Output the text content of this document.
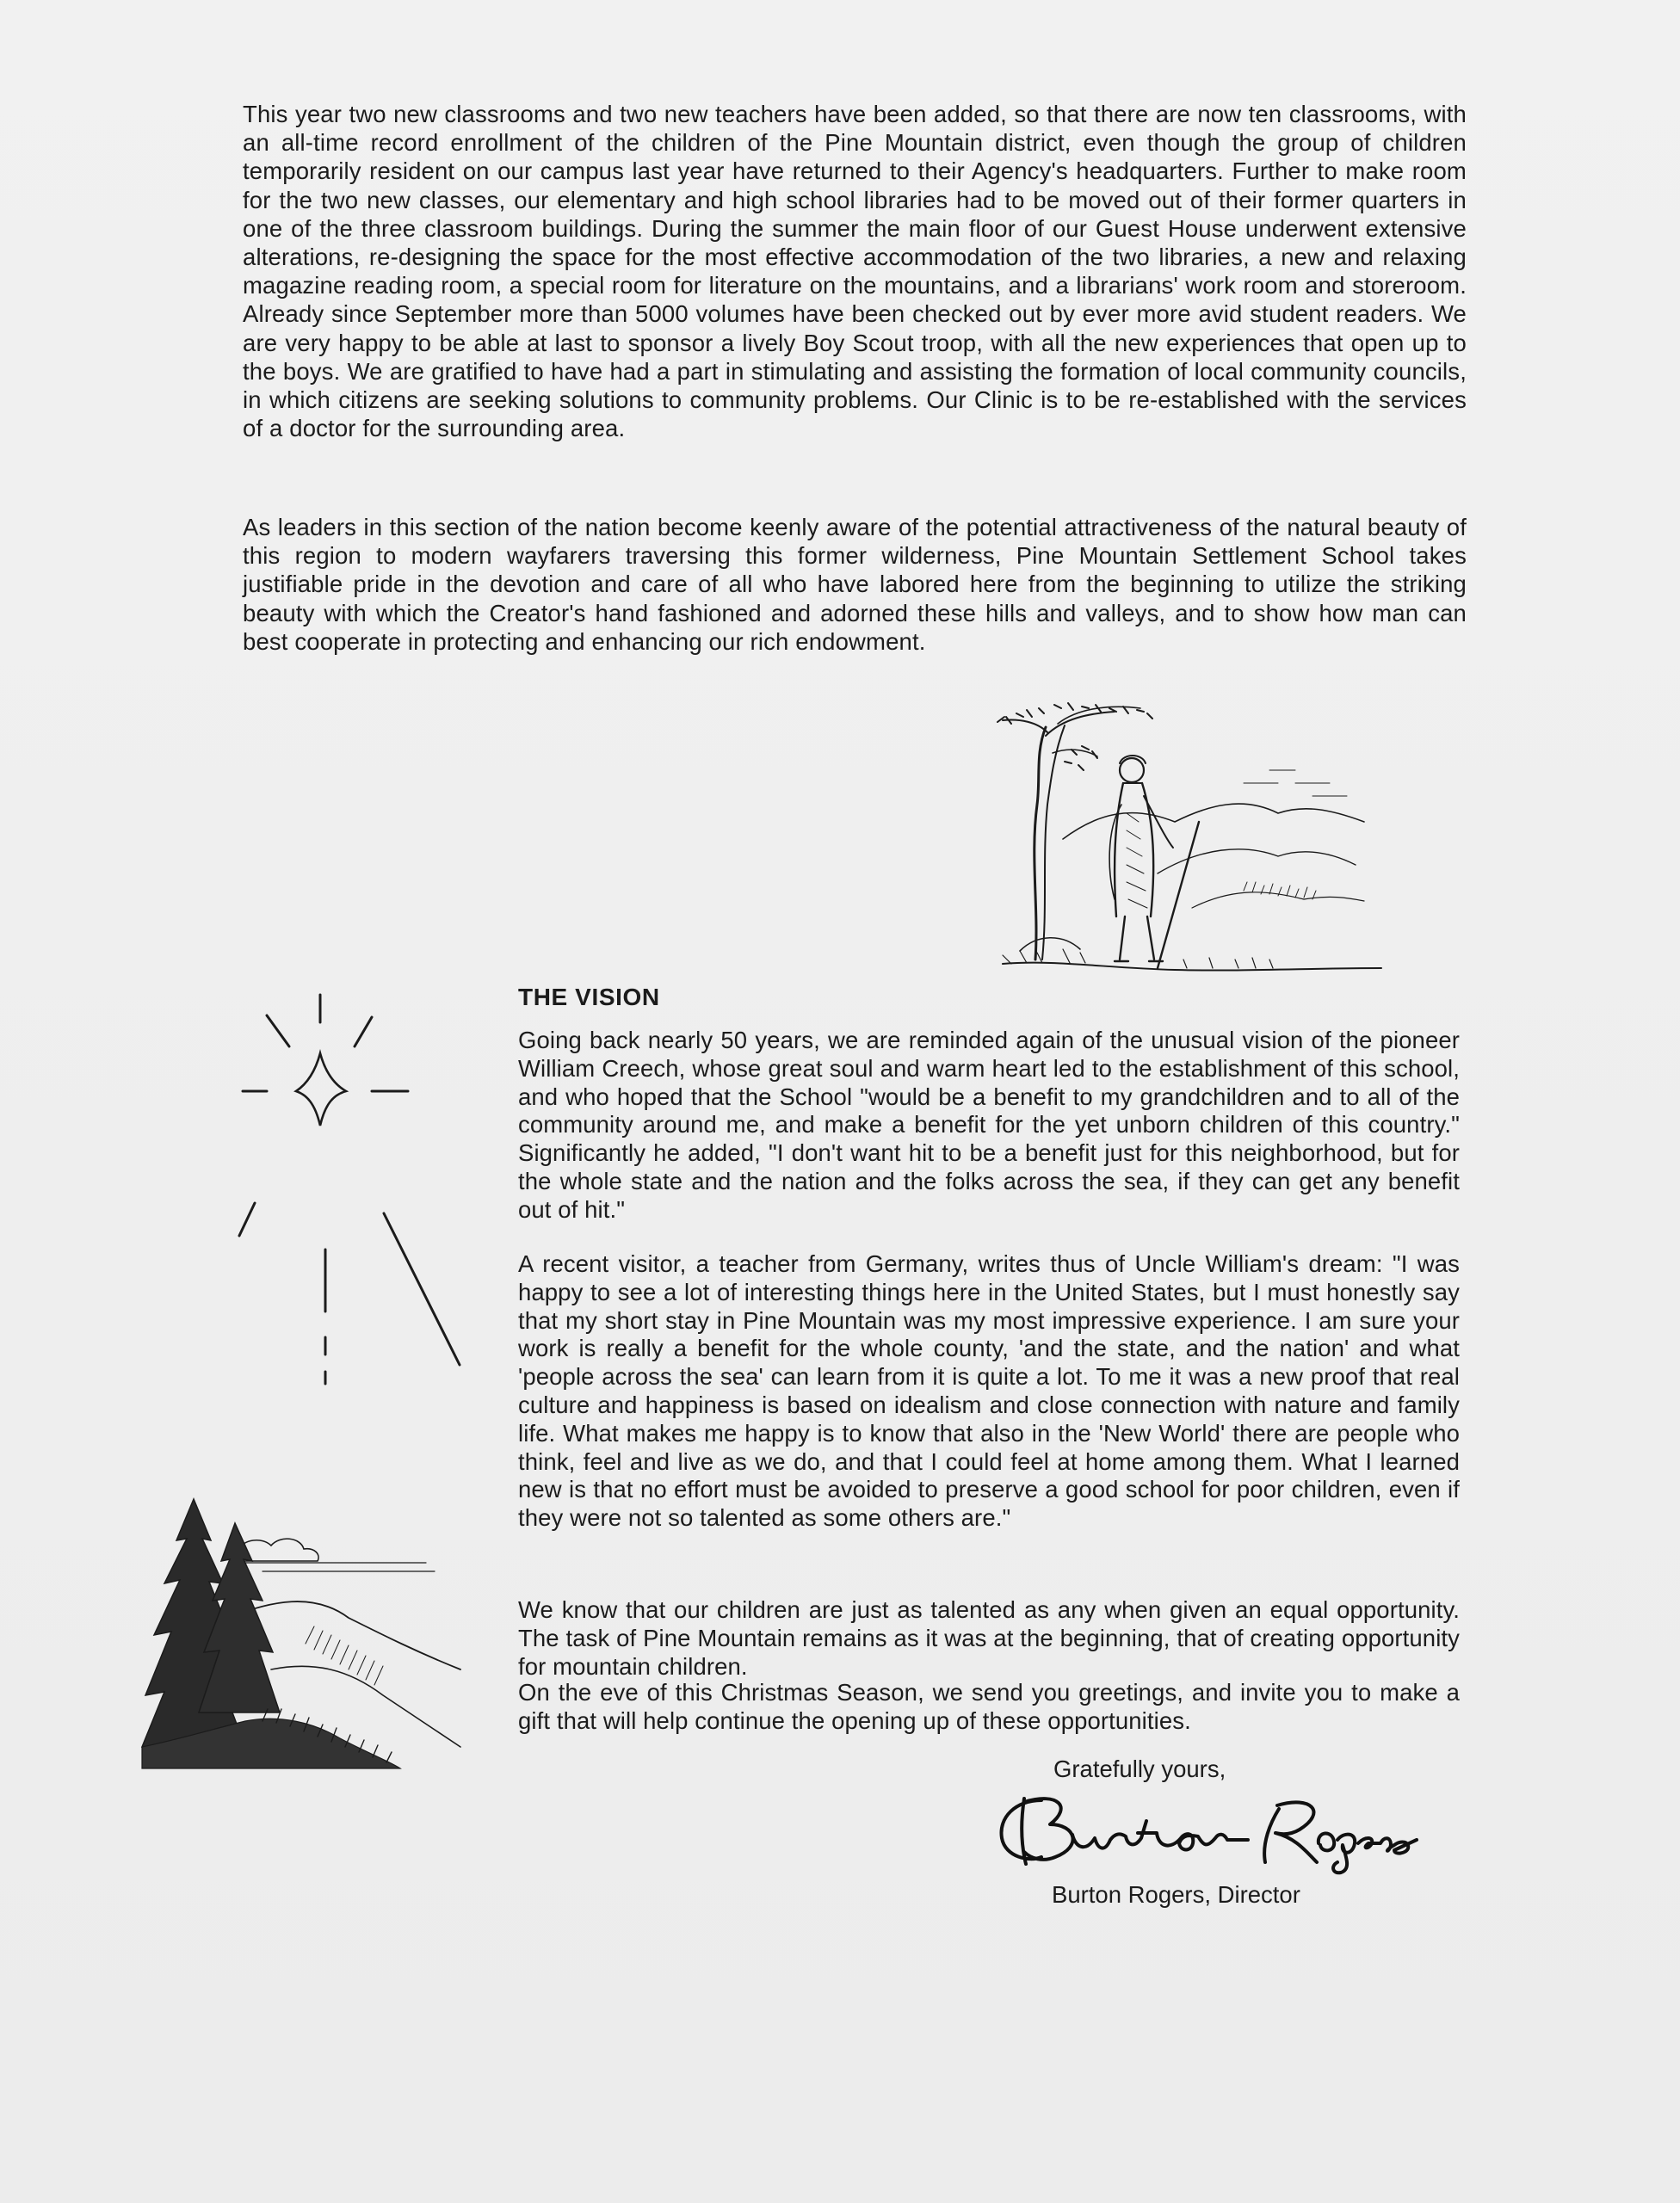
This year two new classrooms and two new teachers have been added, so that there are now ten classrooms, with an all-time record enrollment of the children of the Pine Mountain district, even though the group of children temporarily resident on our campus last year have returned to their Agency's headquarters. Further to make room for the two new classes, our elementary and high school libraries had to be moved out of their former quarters in one of the three classroom buildings. During the summer the main floor of our Guest House underwent extensive alterations, re-designing the space for the most effective accommodation of the two libraries, a new and relaxing magazine reading room, a special room for literature on the mountains, and a librarians' work room and storeroom. Already since September more than 5000 volumes have been checked out by ever more avid student readers. We are very happy to be able at last to sponsor a lively Boy Scout troop, with all the new experiences that open up to the boys. We are gratified to have had a part in stimulating and assisting the formation of local community councils, in which citizens are seeking solutions to community problems. Our Clinic is to be re-established with the services of a doctor for the surrounding area.

As leaders in this section of the nation become keenly aware of the potential attractiveness of the natural beauty of this region to modern wayfarers traversing this former wilderness, Pine Mountain Settlement School takes justifiable pride in the devotion and care of all who have labored here from the beginning to utilize the striking beauty with which the Creator's hand fashioned and adorned these hills and valleys, and to show how man can best cooperate in protecting and enhancing our rich endowment.

THE VISION

Going back nearly 50 years, we are reminded again of the unusual vision of the pioneer William Creech, whose great soul and warm heart led to the establishment of this school, and who hoped that the School "would be a benefit to my grandchildren and to all of the community around me, and make a benefit for the yet unborn children of this country." Significantly he added, "I don't want hit to be a benefit just for this neighborhood, but for the whole state and the nation and the folks across the sea, if they can get any benefit out of hit."

A recent visitor, a teacher from Germany, writes thus of Uncle William's dream: "I was happy to see a lot of interesting things here in the United States, but I must honestly say that my short stay in Pine Mountain was my most impressive experience. I am sure your work is really a benefit for the whole county, 'and the state, and the nation' and what 'people across the sea' can learn from it is quite a lot. To me it was a new proof that real culture and happiness is based on idealism and close connection with nature and family life. What makes me happy is to know that also in the 'New World' there are people who think, feel and live as we do, and that I could feel at home among them. What I learned new is that no effort must be avoided to preserve a good school for poor children, even if they were not so talented as some others are."

We know that our children are just as talented as any when given an equal opportunity. The task of Pine Mountain remains as it was at the beginning, that of creating opportunity for mountain children.

On the eve of this Christmas Season, we send you greetings, and invite you to make a gift that will help continue the opening up of these opportunities.

Gratefully yours,

Burton Rogers, Director
